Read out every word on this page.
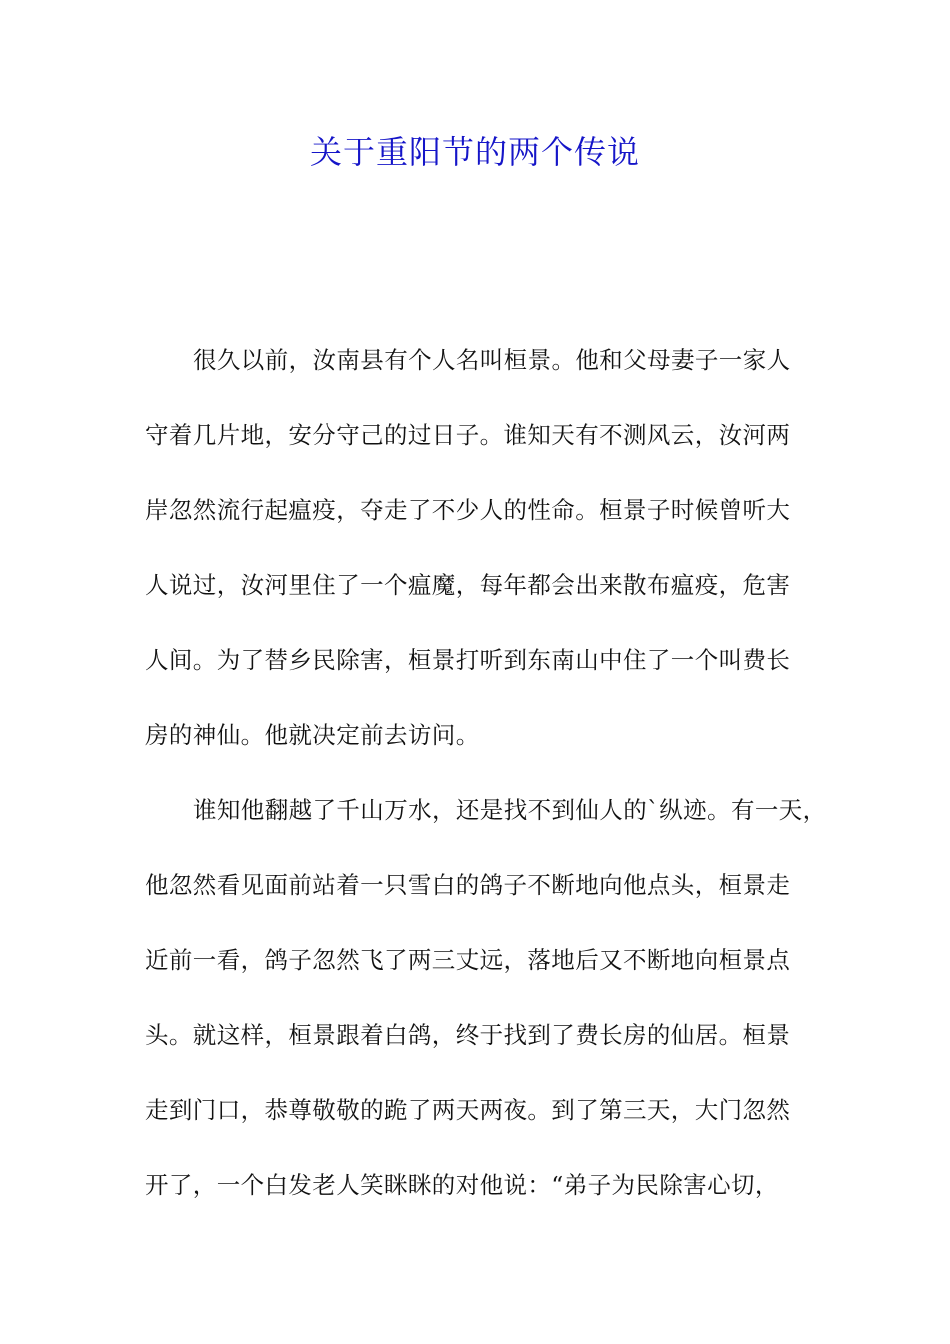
关于重阳节的两个传说
很久以前，汝南县有个人名叫桓景。他和父母妻子一家人
守着几片地，安分守己的过日子。谁知天有不测风云，汝河两
岸忽然流行起瘟疫，夺走了不少人的性命。桓景子时候曾听大
人说过，汝河里住了一个瘟魔，每年都会出来散布瘟疫，危害
人间。为了替乡民除害，桓景打听到东南山中住了一个叫费长
房的神仙。他就决定前去访问。
谁知他翻越了千山万水，还是找不到仙人的`纵迹。有一天，
他忽然看见面前站着一只雪白的鸽子不断地向他点头，桓景走
近前一看，鸽子忽然飞了两三丈远，落地后又不断地向桓景点
头。就这样，桓景跟着白鸽，终于找到了费长房的仙居。桓景
走到门口，恭尊敬敬的跪了两天两夜。到了第三天，大门忽然
开了，一个白发老人笑眯眯的对他说：“弟子为民除害心切，
